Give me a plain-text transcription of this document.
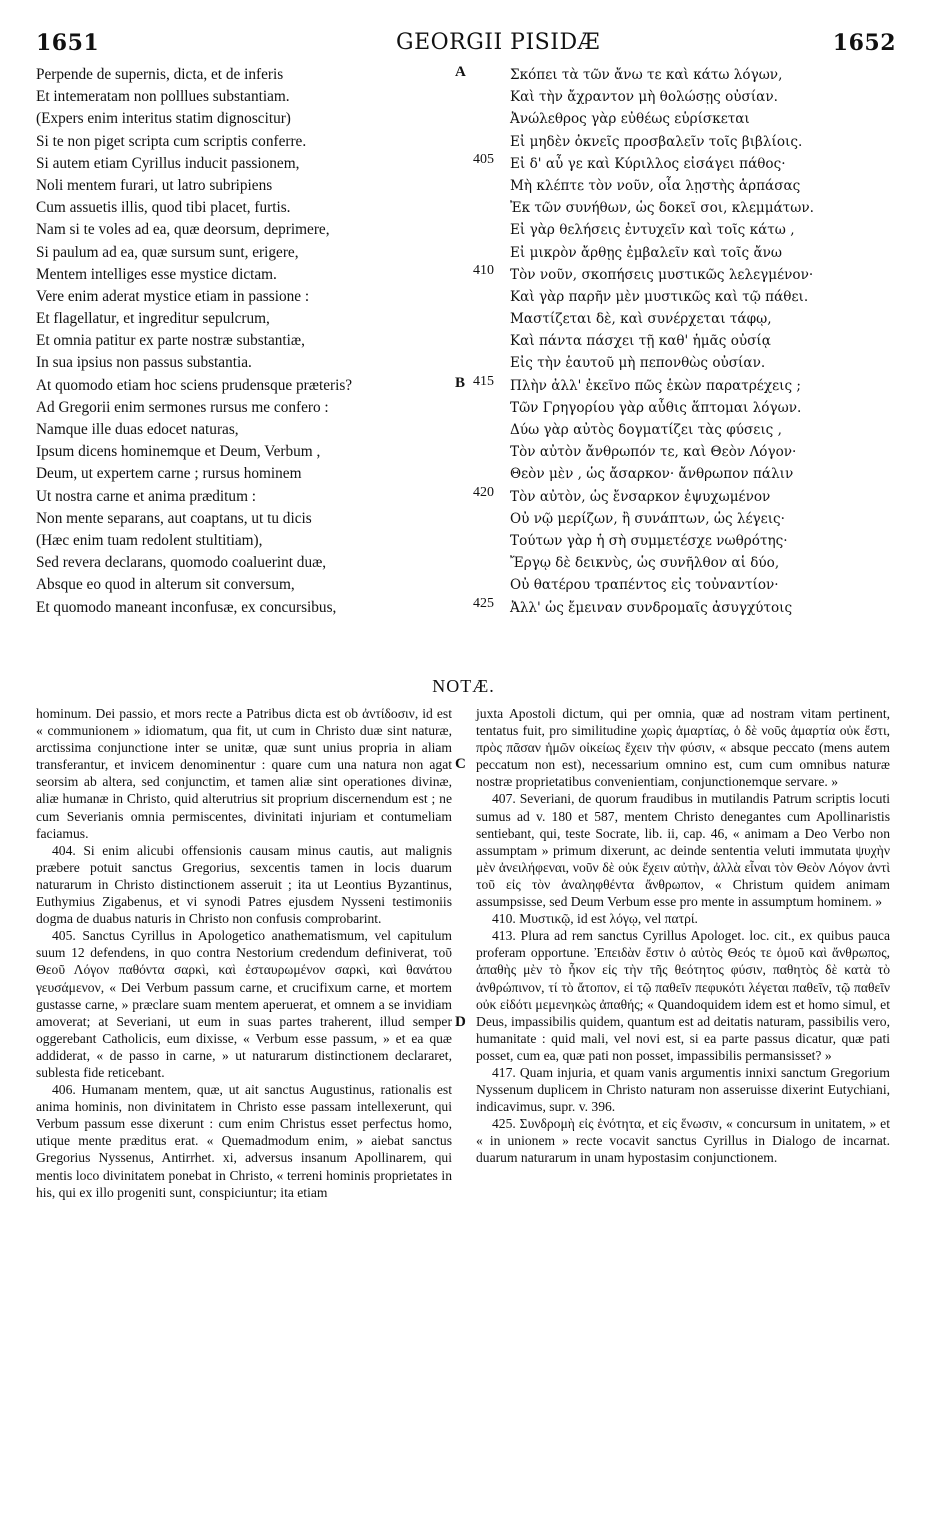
1651	GEORGII PISIDÆ	1652
Perpende de supernis, dicta, et de inferis
Et intemeratam non polllues substantiam.
(Expers enim interitus statim dignoscitur)
Si te non piget scripta cum scriptis conferre.
Si autem etiam Cyrillus inducit passionem,
Noli mentem furari, ut latro subripiens
Cum assuetis illis, quod tibi placet, furtis.
Nam si te voles ad ea, quæ deorsum, deprimere,
Si paulum ad ea, quæ sursum sunt, erigere,
Mentem intelliges esse mystice dictam.
Vere enim aderat mystice etiam in passione :
Et flagellatur, et ingreditur sepulcrum,
Et omnia patitur ex parte nostræ substantiæ,
In sua ipsius non passus substantia.
At quomodo etiam hoc sciens prudensque præteris?
Ad Gregorii enim sermones rursus me confero :
Namque ille duas edocet naturas,
Ipsum dicens hominemque et Deum, Verbum ,
Deum, ut expertem carne ; rursus hominem
Ut nostra carne et anima præditum :
Non mente separans, aut coaptans, ut tu dicis
(Hæc enim tuam redolent stultitiam),
Sed revera declarans, quomodo coaluerint duæ,
Absque eo quod in alterum sit conversum,
Et quomodo maneant inconfusæ, ex concursibus,
Σκόπει τὰ τῶν ἄνω τε καὶ κάτω λόγων,
Καὶ τὴν ἄχραντον μὴ θολώσῃς οὐσίαν.
Ἀνώλεθρος γὰρ εὐθέως εὑρίσκεται
Εἰ μηδὲν ὀκνεῖς προσβαλεῖν τοῖς βιβλίοις.
Εἰ δ' αὖ γε καὶ Κύριλλος εἰσάγει πάθος·
Μὴ κλέπτε τὸν νοῦν, οἷα λῃστὴς ἁρπάσας
Ἐκ τῶν συνήθων, ὡς δοκεῖ σοι, κλεμμάτων.
Εἰ γὰρ θελήσεις ἐντυχεῖν καὶ τοῖς κάτω ,
Εἰ μικρὸν ἄρθῃς ἐμβαλεῖν καὶ τοῖς ἄνω
Τὸν νοῦν, σκοπήσεις μυστικῶς λελεγμένον·
Καὶ γὰρ παρῆν μὲν μυστικῶς καὶ τῷ πάθει.
Μαστίζεται δὲ, καὶ συνέρχεται τάφῳ,
Καὶ πάντα πάσχει τῇ καθ' ἡμᾶς οὐσίᾳ
Εἰς τὴν ἑαυτοῦ μὴ πεπονθὼς οὐσίαν.
Πλὴν ἀλλ' ἐκεῖνο πῶς ἑκὼν παρατρέχεις ;
Τῶν Γρηγορίου γὰρ αὖθις ἅπτομαι λόγων.
Δύω γὰρ αὐτὸς δογματίζει τὰς φύσεις ,
Τὸν αὐτὸν ἄνθρωπόν τε, καὶ Θεὸν Λόγον·
Θεὸν μὲν , ὡς ἄσαρκον· ἄνθρωπον πάλιν
Τὸν αὐτὸν, ὡς ἔνσαρκον ἐψυχωμένον
Οὐ νῷ μερίζων, ἢ συνάπτων, ὡς λέγεις·
Τούτων γὰρ ἡ σὴ συμμετέσχε νωθρότης·
Ἔργῳ δὲ δεικνὺς, ὡς συνῆλθον αἱ δύο,
Οὐ θατέρου τραπέντος εἰς τοὐναντίον·
Ἀλλ' ὡς ἔμειναν συνδρομαῖς ἀσυγχύτοις
405
410
415
420
425
A
B
C
D
NOTÆ.

hominum. Dei passio, et mors recte a Patribus dicta est ob ἀντίδοσιν, id est « communionem » idiomatum, qua fit, ut cum in Christo duæ sint naturæ, arctissima conjunctione inter se unitæ, quæ sunt unius propria in aliam transferantur, et invicem denominentur : quare cum una natura non agat seorsim ab altera, sed conjunctim, et tamen aliæ sint operationes divinæ, aliæ humanæ in Christo, quid alterutrius sit proprium discernendum est ; ne cum Severianis omnia permiscentes, divinitati injuriam et contumeliam faciamus.

404. Si enim alicubi offensionis causam minus cautis, aut malignis præbere potuit sanctus Gregorius, sexcentis tamen in locis duarum naturarum in Christo distinctionem asseruit ; ita ut Leontius Byzantinus, Euthymius Zigabenus, et vi synodi Patres ejusdem Nysseni testimoniis dogma de duabus naturis in Christo non confusis comprobarint.

405. Sanctus Cyrillus in Apologetico anathematismum, vel capitulum suum 12 defendens, in quo contra Nestorium credendum definiverat, τοῦ Θεοῦ Λόγον παθόντα σαρκὶ, καὶ ἐσταυρωμένον σαρκὶ, καὶ θανάτου γευσάμενον, « Dei Verbum passum carne, et crucifixum carne, et mortem gustasse carne, » præclare suam mentem aperuerat, et omnem a se invidiam amoverat; at Severiani, ut eum in suas partes traherent, illud semper oggerebant Catholicis, eum dixisse, « Verbum esse passum, » et ea quæ addiderat, « de passo in carne, » ut naturarum distinctionem declararet, sublesta fide reticebant.

406. Humanam mentem, quæ, ut ait sanctus Augustinus, rationalis est anima hominis, non divinitatem in Christo esse passam intellexerunt, qui Verbum passum esse dixerunt : cum enim Christus esset perfectus homo, utique mente præditus erat. « Quemadmodum enim, » aiebat sanctus Gregorius Nyssenus, Antirrhet. xi, adversus insanum Apollinarem, qui mentis loco divinitatem ponebat in Christo, « terreni hominis proprietates in his, qui ex illo progeniti sunt, conspiciuntur; ita etiam

juxta Apostoli dictum, qui per omnia, quæ ad nostram vitam pertinent, tentatus fuit, pro similitudine χωρὶς ἁμαρτίας, ὁ δὲ νοῦς ἁμαρτία οὐκ ἔστι, πρὸς πᾶσαν ἡμῶν οἰκείως ἔχειν τὴν φύσιν, « absque peccato (mens autem peccatum non est), necessarium omnino est, cum cum omnibus naturæ nostræ proprietatibus convenientiam, conjunctionemque servare. »

407. Severiani, de quorum fraudibus in mutilandis Patrum scriptis locuti sumus ad v. 180 et 587, mentem Christo denegantes cum Apollinaristis sentiebant, qui, teste Socrate, lib. ii, cap. 46, « animam a Deo Verbo non assumptam » primum dixerunt, ac deinde sententia veluti immutata ψυχὴν μὲν ἀνειλήφεναι, νοῦν δὲ οὐκ ἔχειν αὐτὴν, ἀλλὰ εἶναι τὸν Θεὸν Λόγον ἀντὶ τοῦ εἰς τὸν ἀναληφθέντα ἄνθρωπον, « Christum quidem animam assumpsisse, sed Deum Verbum esse pro mente in assumptum hominem. »

410. Μυστικῷ, id est λόγῳ, vel πατρί.

413. Plura ad rem sanctus Cyrillus Apologet. loc. cit., ex quibus pauca proferam opportune. Ἐπειδὰν ἔστιν ὁ αὐτὸς Θεός τε ὁμοῦ καὶ ἄνθρωπος, ἀπαθὴς μὲν τὸ ἧκον εἰς τὴν τῆς θεότητος φύσιν, παθητὸς δὲ κατὰ τὸ ἀνθρώπινον, τί τὸ ἄτοπον, εἰ τῷ παθεῖν πεφυκότι λέγεται παθεῖν, τῷ παθεῖν οὐκ εἰδότι μεμενηκὼς ἀπαθής; « Quandoquidem idem est et homo simul, et Deus, impassibilis quidem, quantum est ad deitatis naturam, passibilis vero, humanitate : quid mali, vel novi est, si ea parte passus dicatur, quæ pati posset, cum ea, quæ pati non posset, impassibilis permansisset? »

417. Quam injuria, et quam vanis argumentis innixi sanctum Gregorium Nyssenum duplicem in Christo naturam non asseruisse dixerint Eutychiani, indicavimus, supr. v. 396.

425. Συνδρομὴ εἰς ἑνότητα, et εἰς ἕνωσιν, « concursum in unitatem, » et « in unionem » recte vocavit sanctus Cyrillus in Dialogo de incarnat. duarum naturarum in unam hypostasim conjunctionem.
